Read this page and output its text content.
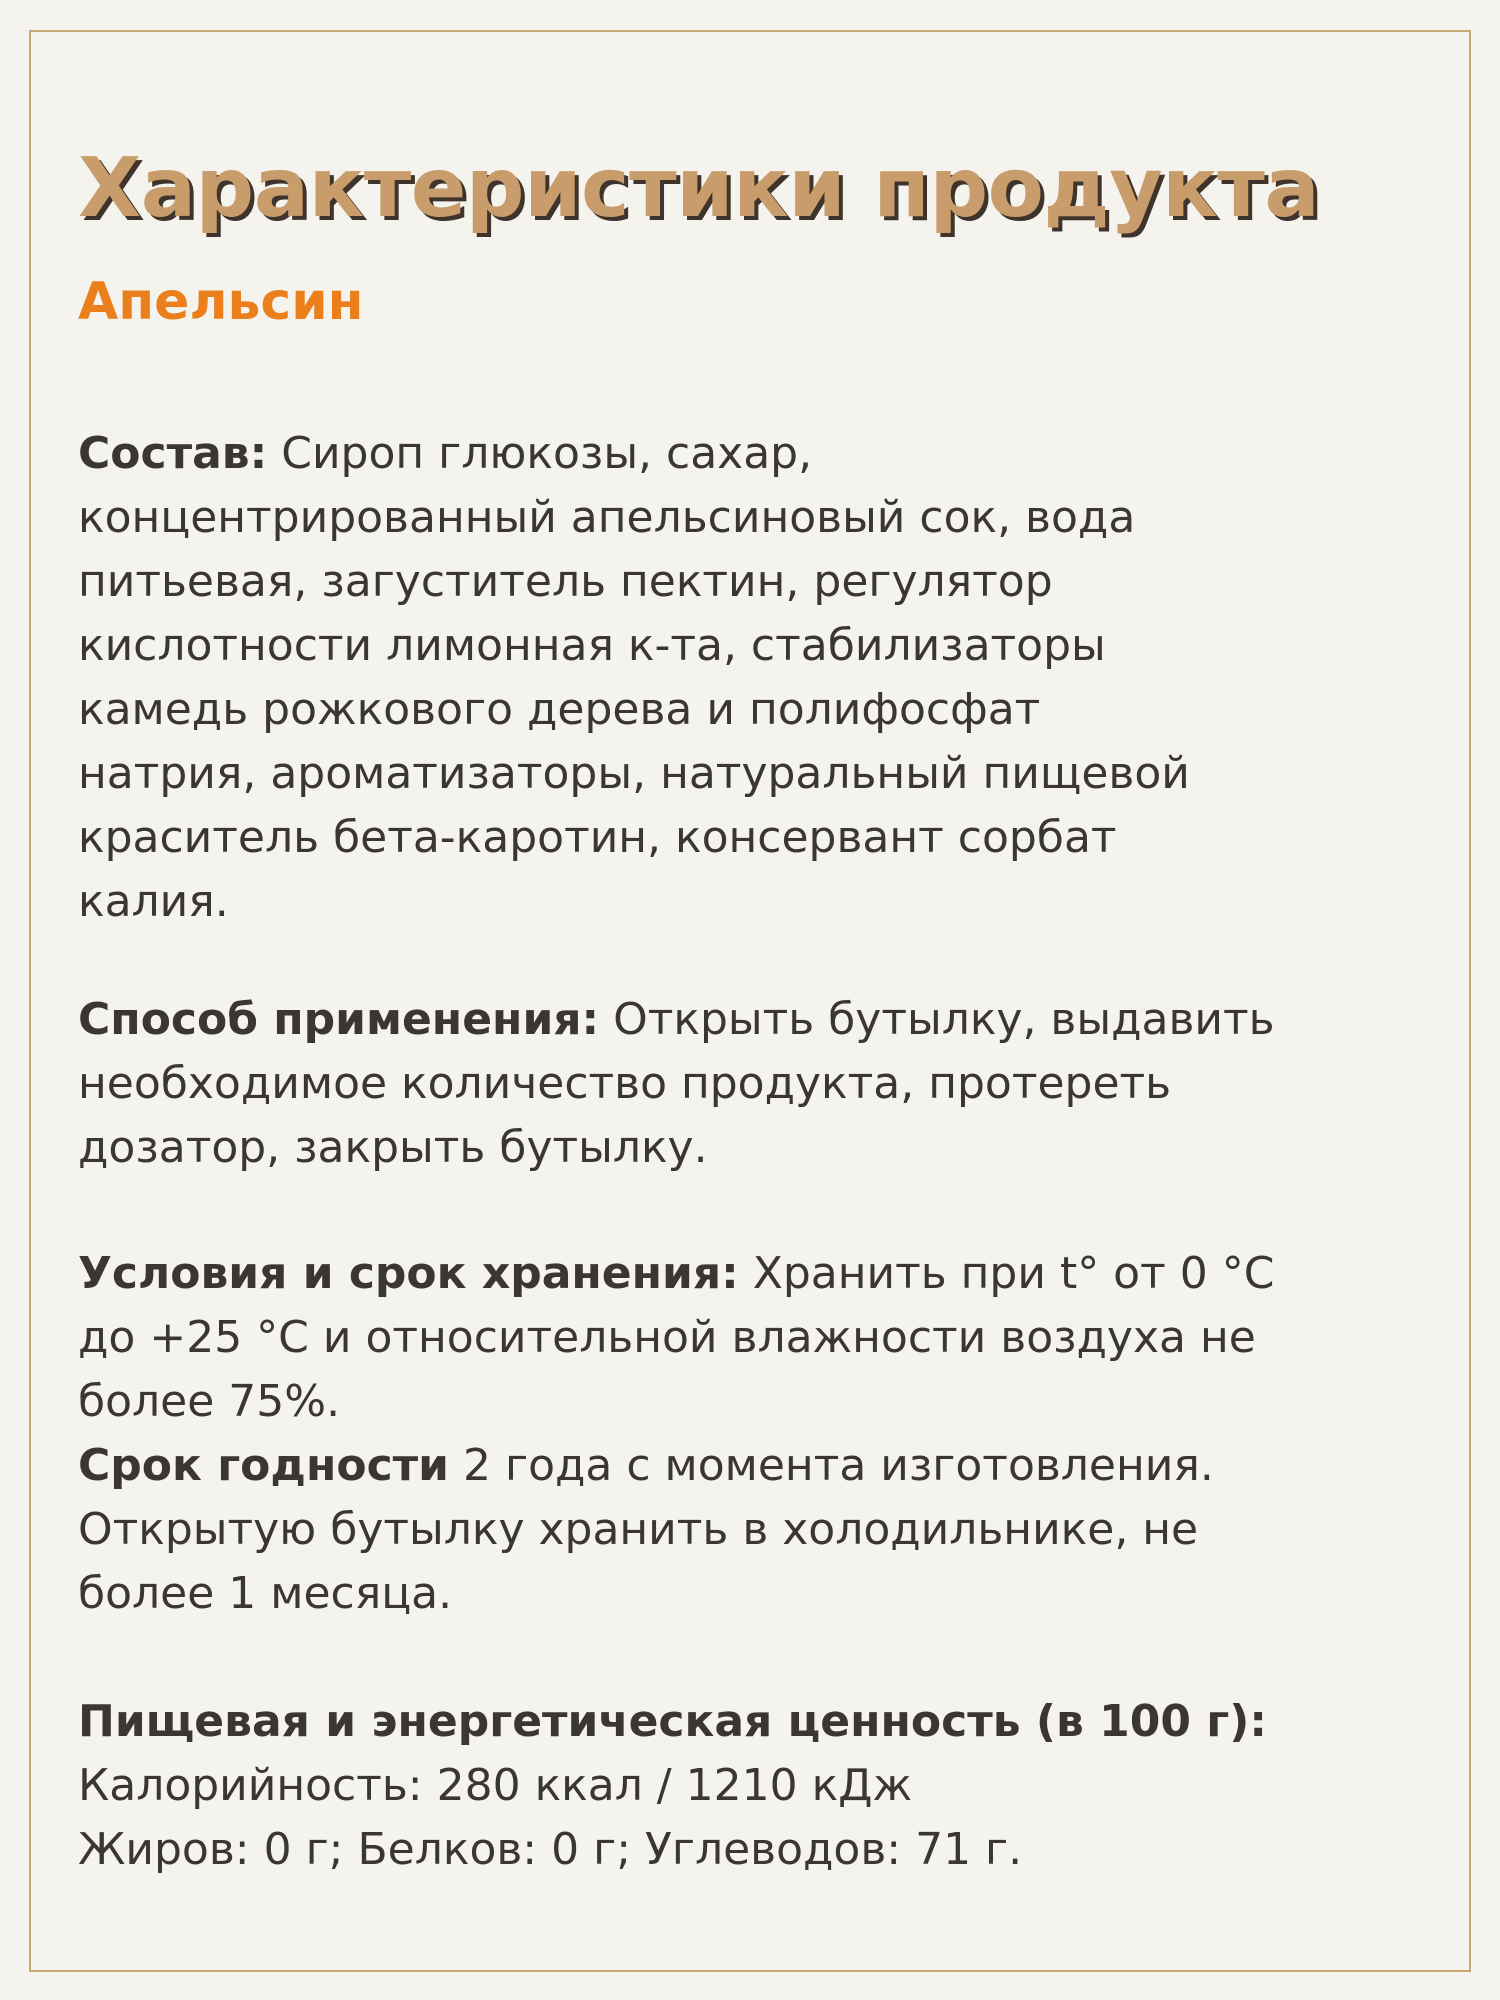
Характеристики продукта
Апельсин
Состав: Сироп глюкозы, сахар,
концентрированный апельсиновый сок, вода
питьевая, загуститель пектин, регулятор
кислотности лимонная к-та, стабилизаторы
камедь рожкового дерева и полифосфат
натрия, ароматизаторы, натуральный пищевой
краситель бета-каротин, консервант сорбат
калия.
Способ применения: Открыть бутылку, выдавить
необходимое количество продукта, протереть
дозатор, закрыть бутылку.
Условия и срок хранения: Хранить при t° от 0 °С
до +25 °С и относительной влажности воздуха не
более 75%.
Срок годности 2 года с момента изготовления.
Открытую бутылку хранить в холодильнике, не
более 1 месяца.
Пищевая и энергетическая ценность (в 100 г):
Калорийность: 280 ккал / 1210 кДж
Жиров: 0 г; Белков: 0 г; Углеводов: 71 г.
